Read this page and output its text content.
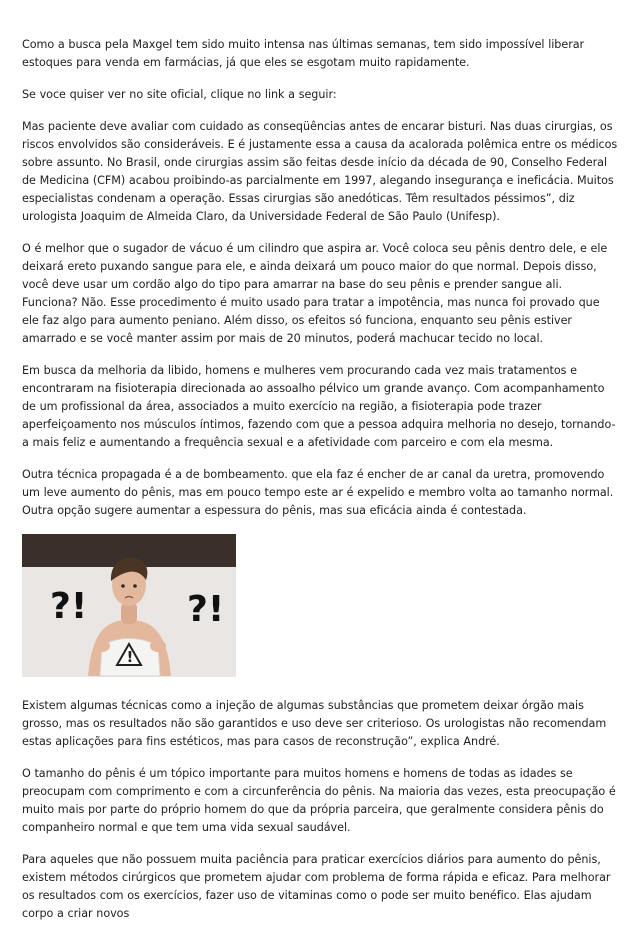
Como a busca pela Maxgel tem sido muito intensa nas últimas semanas, tem sido impossível liberar estoques para venda em farmácias, já que eles se esgotam muito rapidamente.

Se voce quiser ver no site oficial, clique no link a seguir:

Mas paciente deve avaliar com cuidado as conseqüências antes de encarar bisturi. Nas duas cirurgias, os riscos envolvidos são consideráveis. E é justamente essa a causa da acalorada polêmica entre os médicos sobre assunto. No Brasil, onde cirurgias assim são feitas desde início da década de 90, Conselho Federal de Medicina (CFM) acabou proibindo-as parcialmente em 1997, alegando insegurança e ineficácia. Muitos especialistas condenam a operação. Essas cirurgias são anedóticas. Têm resultados péssimos”, diz urologista Joaquim de Almeida Claro, da Universidade Federal de São Paulo (Unifesp).

O é melhor que o sugador de vácuo é um cilindro que aspira ar. Você coloca seu pênis dentro dele, e ele deixará ereto puxando sangue para ele, e ainda deixará um pouco maior do que normal. Depois disso, você deve usar um cordão algo do tipo para amarrar na base do seu pênis e prender sangue ali. Funciona? Não. Esse procedimento é muito usado para tratar a impotência, mas nunca foi provado que ele faz algo para aumento peniano. Além disso, os efeitos só funciona, enquanto seu pênis estiver amarrado e se você manter assim por mais de 20 minutos, poderá machucar tecido no local.

Em busca da melhoria da libido, homens e mulheres vem procurando cada vez mais tratamentos e encontraram na fisioterapia direcionada ao assoalho pélvico um grande avanço. Com acompanhamento de um profissional da área, associados a muito exercício na região, a fisioterapia pode trazer aperfeiçoamento nos músculos íntimos, fazendo com que a pessoa adquira melhoria no desejo, tornando-a mais feliz e aumentando a frequência sexual e a afetividade com parceiro e com ela mesma.

Outra técnica propagada é a de bombeamento. que ela faz é encher de ar canal da uretra, promovendo um leve aumento do pênis, mas em pouco tempo este ar é expelido e membro volta ao tamanho normal. Outra opção sugere aumentar a espessura do pênis, mas sua eficácia ainda é contestada.

?!	?!
!

Existem algumas técnicas como a injeção de algumas substâncias que prometem deixar órgão mais grosso, mas os resultados não são garantidos e uso deve ser criterioso. Os urologistas não recomendam estas aplicações para fins estéticos, mas para casos de reconstrução”, explica André.

O tamanho do pênis é um tópico importante para muitos homens e homens de todas as idades se preocupam com comprimento e com a circunferência do pênis. Na maioria das vezes, esta preocupação é muito mais por parte do próprio homem do que da própria parceira, que geralmente considera pênis do companheiro normal e que tem uma vida sexual saudável.

Para aqueles que não possuem muita paciência para praticar exercícios diários para aumento do pênis, existem métodos cirúrgicos que prometem ajudar com problema de forma rápida e eficaz. Para melhorar os resultados com os exercícios, fazer uso de vitaminas como o pode ser muito benéfico. Elas ajudam corpo a criar novos
